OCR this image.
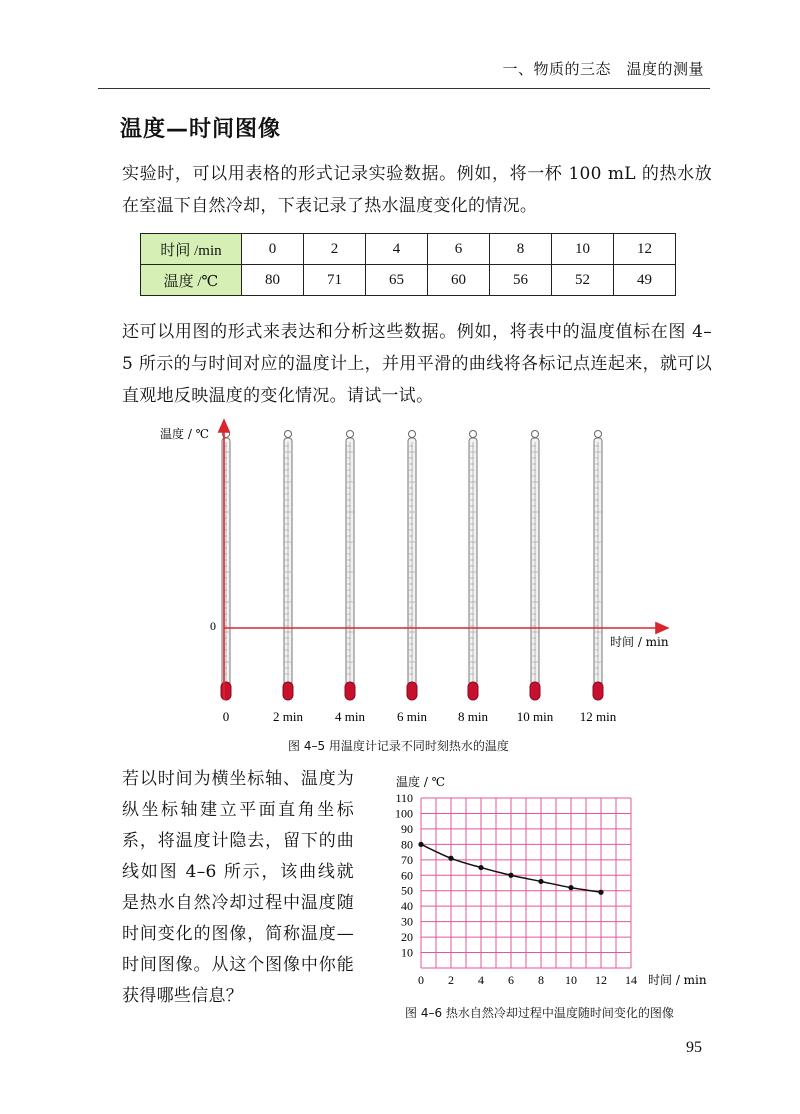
一、物质的三态　温度的测量
温度—时间图像

实验时，可以用表格的形式记录实验数据。例如，将一杯 100 mL 的热水放在室温下自然冷却，下表记录了热水温度变化的情况。

时间 /min	0	2	4	6	8	10	12
温度 /℃	80	71	65	60	56	52	49

还可以用图的形式来表达和分析这些数据。例如，将表中的温度值标在图 4–5 所示的与时间对应的温度计上，并用平滑的曲线将各标记点连起来，就可以直观地反映温度的变化情况。请试一试。

温度 / ℃
0
时间 / min
0	2 min 4 min 6 min 8 min 10 min 12 min
图 4–5 用温度计记录不同时刻热水的温度

若以时间为横坐标轴、温度为纵坐标轴建立平面直角坐标系，将温度计隐去，留下的曲线如图 4–6 所示，该曲线就是热水自然冷却过程中温度随时间变化的图像，简称温度—时间图像。从这个图像中你能获得哪些信息？

温度 / ℃
10
20
30
40
50
60
70
80
90
100
110
0 2 4 6 8 10 12 14 时间 / min
图 4–6 热水自然冷却过程中温度随时间变化的图像
95
